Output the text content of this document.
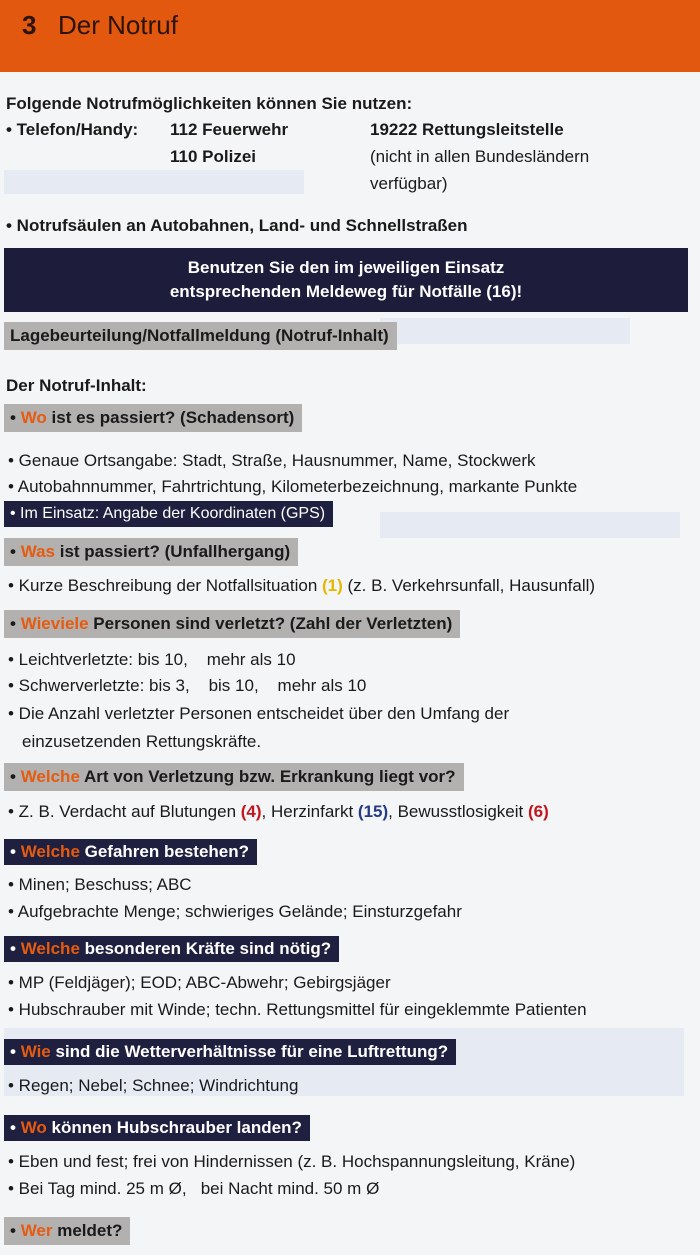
3 Der Notruf
Folgende Notrufmöglichkeiten können Sie nutzen:
• Telefon/Handy: 112 Feuerwehr
110 Polizei
19222 Rettungsleitstelle
(nicht in allen Bundesländern
verfügbar)
• Notrufsäulen an Autobahnen, Land- und Schnellstraßen
Benutzen Sie den im jeweiligen Einsatz
entsprechenden Meldeweg für Notfälle (16)!
Lagebeurteilung/Notfallmeldung (Notruf-Inhalt)
Der Notruf-Inhalt:
• Wo ist es passiert? (Schadensort)
• Genaue Ortsangabe: Stadt, Straße, Hausnummer, Name, Stockwerk
• Autobahnnummer, Fahrtrichtung, Kilometerbezeichnung, markante Punkte
• Im Einsatz: Angabe der Koordinaten (GPS)
• Was ist passiert? (Unfallhergang)
• Kurze Beschreibung der Notfallsituation (1) (z. B. Verkehrsunfall, Hausunfall)
• Wieviele Personen sind verletzt? (Zahl der Verletzten)
• Leichtverletzte: bis 10,    mehr als 10
• Schwerverletzte: bis 3,    bis 10,    mehr als 10
• Die Anzahl verletzter Personen entscheidet über den Umfang der
einzusetzenden Rettungskräfte.
• Welche Art von Verletzung bzw. Erkrankung liegt vor?
• Z. B. Verdacht auf Blutungen (4), Herzinfarkt (15), Bewusstlosigkeit (6)
• Welche Gefahren bestehen?
• Minen; Beschuss; ABC
• Aufgebrachte Menge; schwieriges Gelände; Einsturzgefahr
• Welche besonderen Kräfte sind nötig?
• MP (Feldjäger); EOD; ABC-Abwehr; Gebirgsjäger
• Hubschrauber mit Winde; techn. Rettungsmittel für eingeklemmte Patienten
• Wie sind die Wetterverhältnisse für eine Luftrettung?
• Regen; Nebel; Schnee; Windrichtung
• Wo können Hubschrauber landen?
• Eben und fest; frei von Hindernissen (z. B. Hochspannungsleitung, Kräne)
• Bei Tag mind. 25 m Ø,   bei Nacht mind. 50 m Ø
• Wer meldet?
